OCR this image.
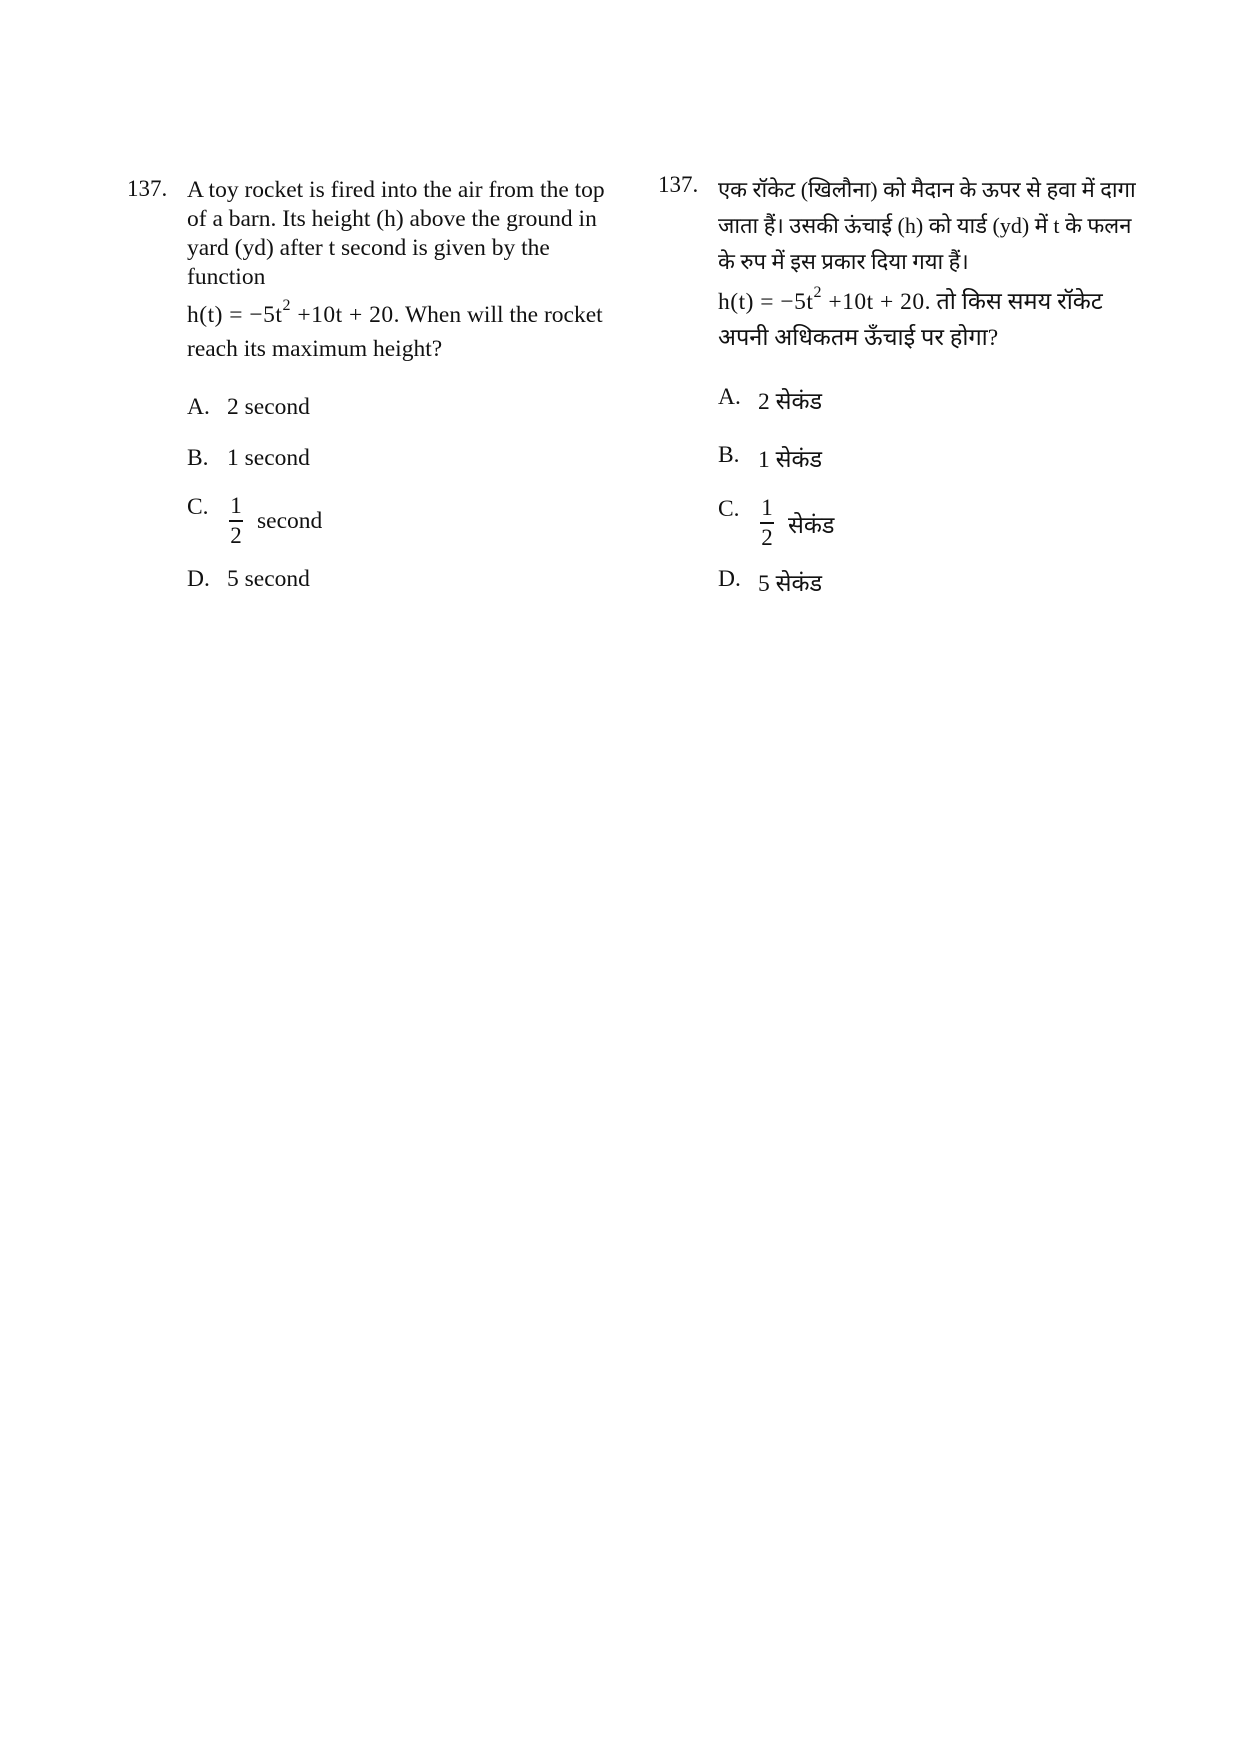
137. A toy rocket is fired into the air from the top of a barn. Its height (h) above the ground in yard (yd) after t second is given by the function
$h(t) = -5t^2 +10t + 20$. When will the rocket reach its maximum height?
A. 2 second
B. 1 second
C. $\frac{1}{2}$ second
D. 5 second
137. एक रॉकेट (खिलौना) को मैदान के ऊपर से हवा में दागा जाता हैं। उसकी ऊंचाई (h) को यार्ड (yd) में t के फलन के रुप में इस प्रकार दिया गया हैं।
$h(t) = -5t^2 +10t + 20$. तो किस समय रॉकेट अपनी अधिकतम ऊँचाई पर होगा?
A. 2 सेकंड
B. 1 सेकंड
C. $\frac{1}{2}$ सेकंड
D. 5 सेकंड
